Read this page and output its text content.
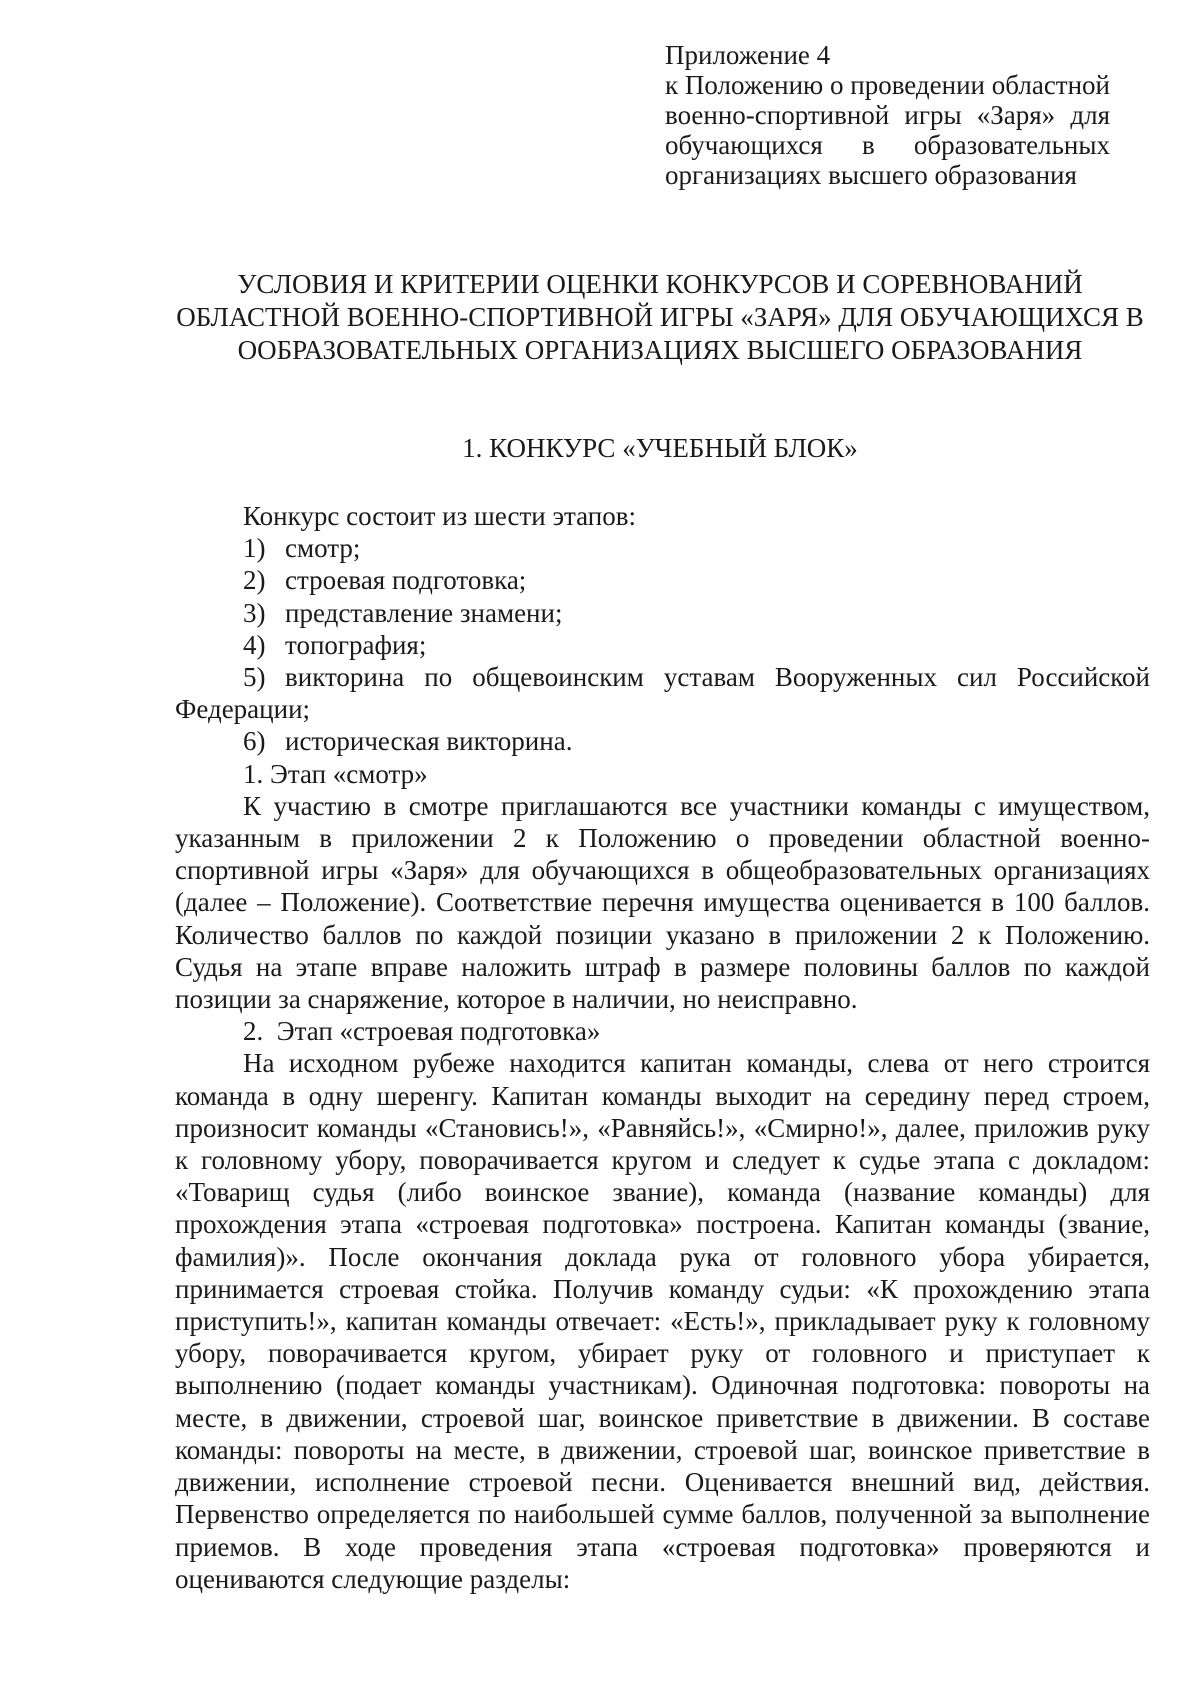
Приложение 4
к Положению о проведении областной военно-спортивной игры «Заря» для обучающихся в образовательных организациях высшего образования
УСЛОВИЯ И КРИТЕРИИ ОЦЕНКИ КОНКУРСОВ И СОРЕВНОВАНИЙ ОБЛАСТНОЙ ВОЕННО-СПОРТИВНОЙ ИГРЫ «ЗАРЯ» ДЛЯ ОБУЧАЮЩИХСЯ В ООБРАЗОВАТЕЛЬНЫХ ОРГАНИЗАЦИЯХ ВЫСШЕГО ОБРАЗОВАНИЯ
1. КОНКУРС «УЧЕБНЫЙ БЛОК»

Конкурс состоит из шести этапов:

1) смотр;

2) строевая подготовка;

3) представление знамени;

4) топография;

5) викторина по общевоинским уставам Вооруженных сил Российской Федерации;

6) историческая викторина.

1. Этап «смотр»

К участию в смотре приглашаются все участники команды с имуществом, указанным в приложении 2 к Положению о проведении областной военно-спортивной игры «Заря» для обучающихся в общеобразовательных организациях (далее – Положение). Соответствие перечня имущества оценивается в 100 баллов. Количество баллов по каждой позиции указано в приложении 2 к Положению. Судья на этапе вправе наложить штраф в размере половины баллов по каждой позиции за снаряжение, которое в наличии, но неисправно.

2.  Этап «строевая подготовка»

На исходном рубеже находится капитан команды, слева от него строится команда в одну шеренгу. Капитан команды выходит на середину перед строем, произносит команды «Становись!», «Равняйсь!», «Смирно!», далее, приложив руку к головному убору, поворачивается кругом и следует к судье этапа с докладом: «Товарищ судья (либо воинское звание), команда (название команды) для прохождения этапа «строевая подготовка» построена. Капитан команды (звание, фамилия)». После окончания доклада рука от головного убора убирается, принимается строевая стойка. Получив команду судьи: «К прохождению этапа приступить!», капитан команды отвечает: «Есть!», прикладывает руку к головному убору, поворачивается кругом, убирает руку от головного и приступает к выполнению (подает команды участникам). Одиночная подготовка: повороты на месте, в движении, строевой шаг, воинское приветствие в движении. В составе команды: повороты на месте, в движении, строевой шаг, воинское приветствие в движении, исполнение строевой песни. Оценивается внешний вид, действия. Первенство определяется по наибольшей сумме баллов, полученной за выполнение приемов. В ходе проведения этапа «строевая подготовка» проверяются и оцениваются следующие разделы:
